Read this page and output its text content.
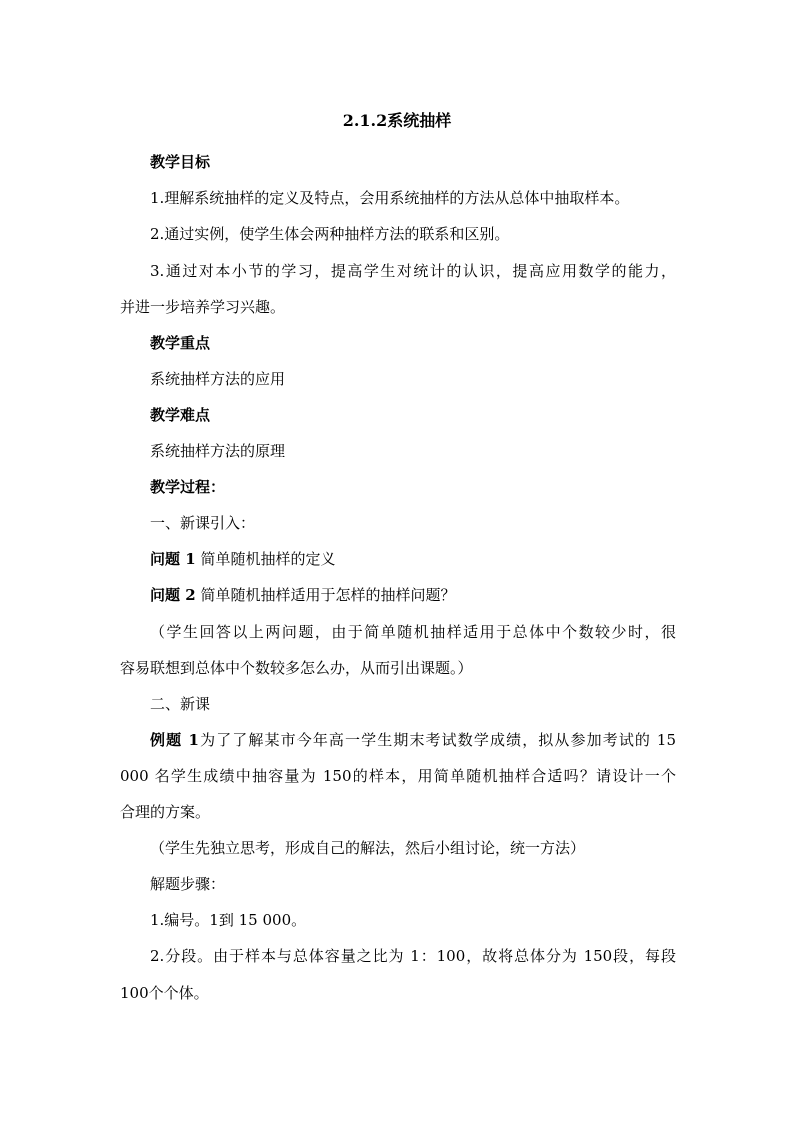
2.1.2系统抽样
教学目标
1.理解系统抽样的定义及特点，会用系统抽样的方法从总体中抽取样本。
2.通过实例，使学生体会两种抽样方法的联系和区别。
3.通过对本小节的学习，提高学生对统计的认识，提高应用数学的能力，
并进一步培养学习兴趣。
教学重点
系统抽样方法的应用
教学难点
系统抽样方法的原理
教学过程：
一、新课引入：
问题 1 简单随机抽样的定义
问题 2 简单随机抽样适用于怎样的抽样问题？
（学生回答以上两问题，由于简单随机抽样适用于总体中个数较少时，很
容易联想到总体中个数较多怎么办，从而引出课题。）
二、新课
例题 1为了了解某市今年高一学生期末考试数学成绩，拟从参加考试的 15
000 名学生成绩中抽容量为 150的样本，用简单随机抽样合适吗？请设计一个
合理的方案。
（学生先独立思考，形成自己的解法，然后小组讨论，统一方法）
解题步骤：
1.编号。1到 15 000。
2.分段。由于样本与总体容量之比为 1：100，故将总体分为 150段，每段
100个个体。
